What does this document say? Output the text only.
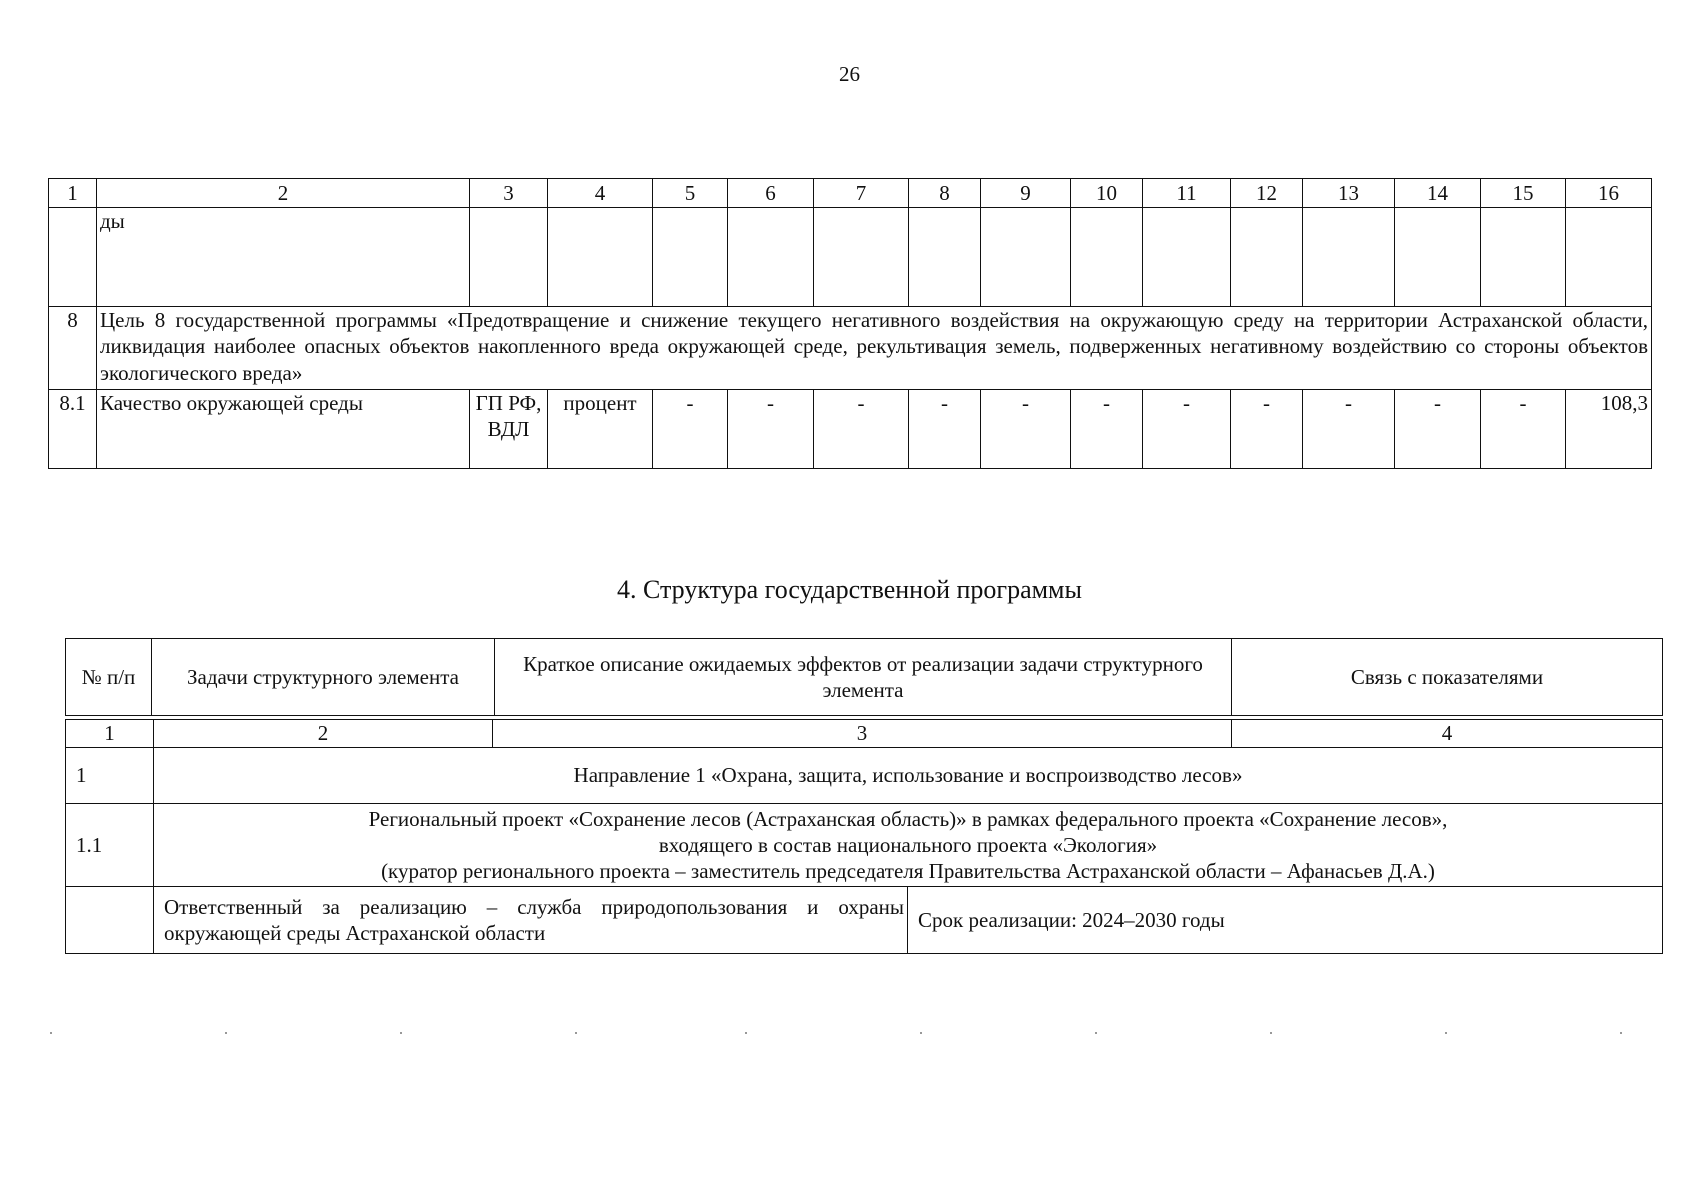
26
1	2	3	4	5	6	7	8	9	10	11	12	13	14	15	16
	ды														
8	Цель 8 государственной программы «Предотвращение и снижение текущего негативного воздействия на окружающую среду на территории Астраханской области, ликвидация наиболее опасных объектов накопленного вреда окружающей среде, рекультивация земель, подверженных негативному воздействию со стороны объектов экологического вреда»														
8.1	Качество окружающей среды	ГП РФ, ВДЛ	процент	-	-	-	-	-	-	-	-	-	-	-	108,3
4. Структура государственной программы
№ п/п	Задачи структурного элемента	Краткое описание ожидаемых эффектов от реализации задачи структурного элемента	Связь с показателями
1	2	3		4
1	Направление 1 «Охрана, защита, использование и воспроизводство лесов»			
1.1	Региональный проект «Сохранение лесов (Астраханская область)» в рамках федерального проекта «Сохранение лесов»,
входящего в состав национального проекта «Экология»
(куратор регионального проекта – заместитель председателя Правительства Астраханской области – Афанасьев Д.А.)			

	Ответственный за реализацию – служба природопользования и охраны окружающей среды Астраханской области		Срок реализации: 2024–2030 годы	
